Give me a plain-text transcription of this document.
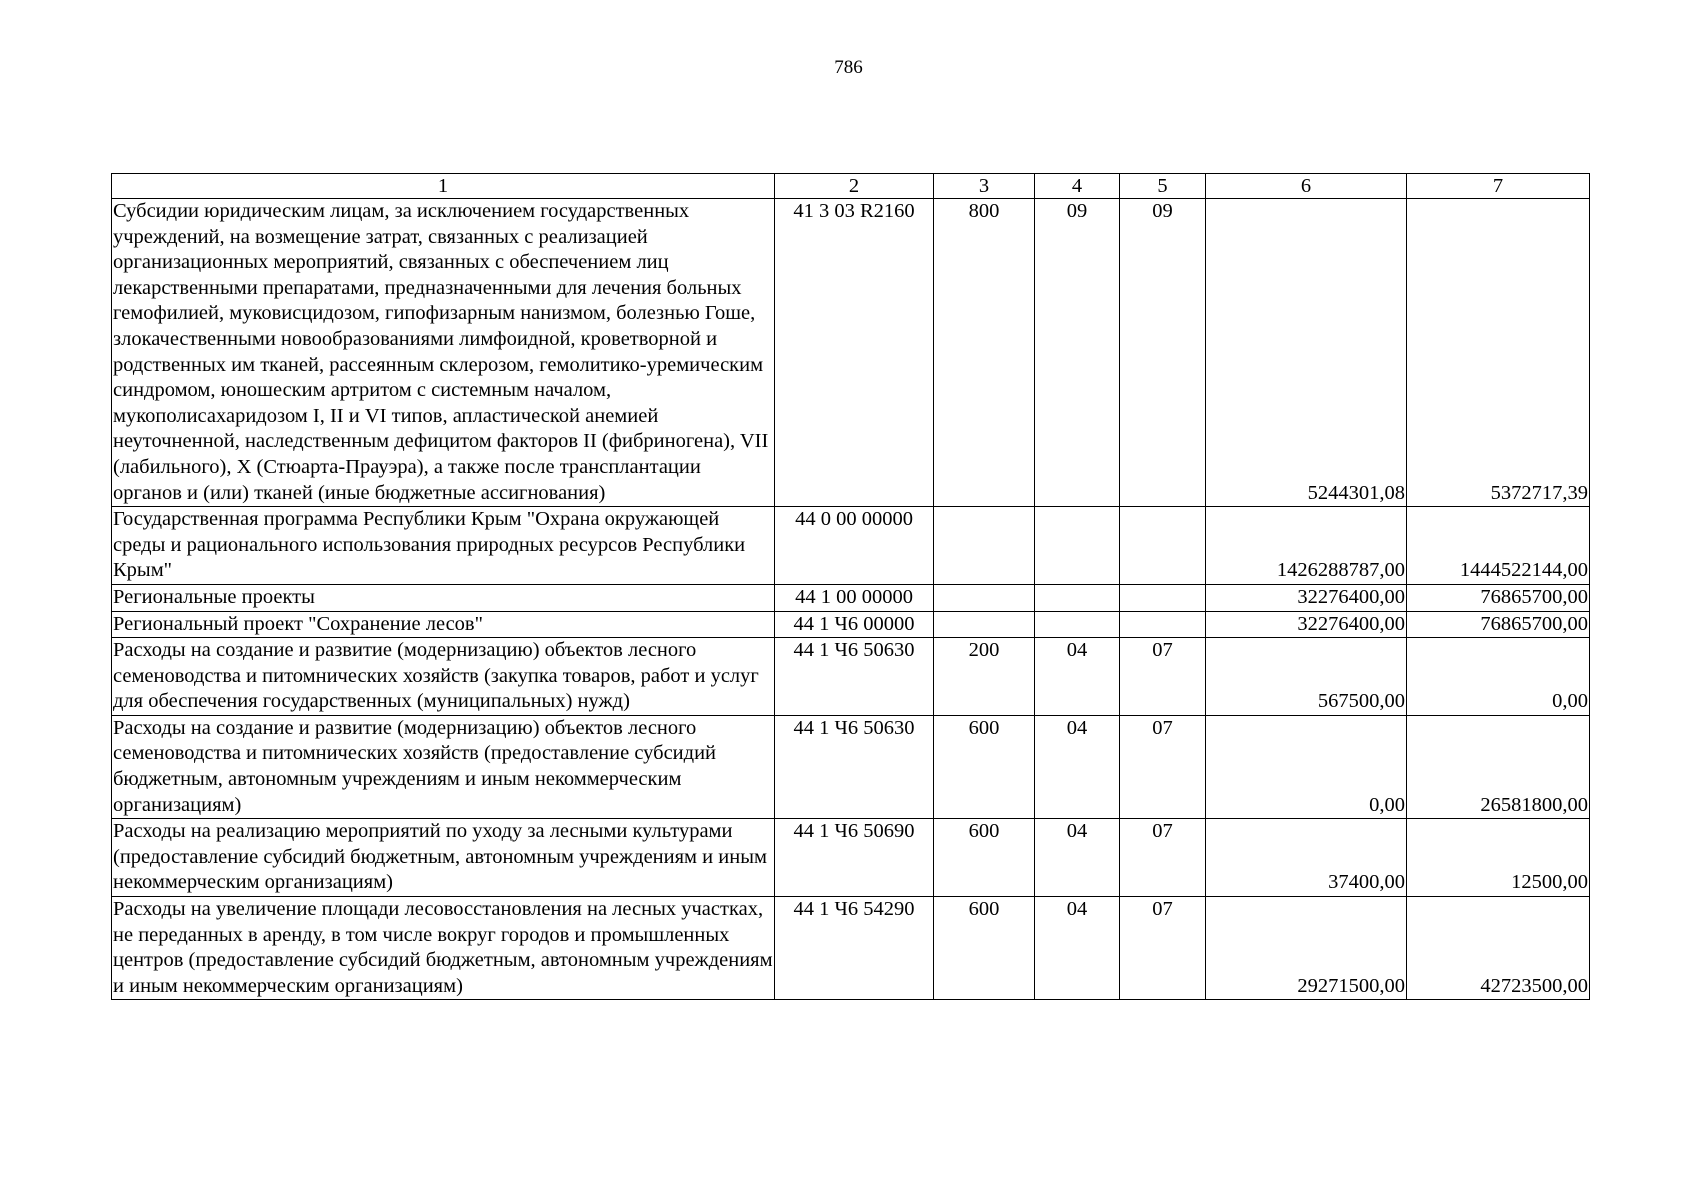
786
1	2	3	4	5	6	7
Субсидии юридическим лицам, за исключением государственных учреждений, на возмещение затрат, связанных с реализацией организационных мероприятий, связанных с обеспечением лиц лекарственными препаратами, предназначенными для лечения больных гемофилией, муковисцидозом, гипофизарным нанизмом, болезнью Гоше, злокачественными новообразованиями лимфоидной, кроветворной и родственных им тканей, рассеянным склерозом, гемолитико-уремическим синдромом, юношеским артритом с системным началом, мукополисахаридозом I, II и VI типов, апластической анемией неуточненной, наследственным дефицитом факторов II (фибриногена), VII (лабильного), X (Стюарта-Прауэра), а также после трансплантации органов и (или) тканей (иные бюджетные ассигнования)	41 3 03 R2160	800	09	09	5244301,08	5372717,39
Государственная программа Республики Крым "Охрана окружающей среды и рационального использования природных ресурсов Республики Крым"	44 0 00 00000				1426288787,00	1444522144,00
Региональные проекты	44 1 00 00000				32276400,00	76865700,00
Региональный проект "Сохранение лесов"	44 1 Ч6 00000				32276400,00	76865700,00
Расходы на создание и развитие (модернизацию) объектов лесного семеноводства и питомнических хозяйств (закупка товаров, работ и услуг для обеспечения государственных (муниципальных) нужд)	44 1 Ч6 50630	200	04	07	567500,00	0,00
Расходы на создание и развитие (модернизацию) объектов лесного семеноводства и питомнических хозяйств (предоставление субсидий бюджетным, автономным учреждениям и иным некоммерческим организациям)	44 1 Ч6 50630	600	04	07	0,00	26581800,00
Расходы на реализацию мероприятий по уходу за лесными культурами (предоставление субсидий бюджетным, автономным учреждениям и иным некоммерческим организациям)	44 1 Ч6 50690	600	04	07	37400,00	12500,00
Расходы на увеличение площади лесовосстановления на лесных участках, не переданных в аренду, в том числе вокруг городов и промышленных центров (предоставление субсидий бюджетным, автономным учреждениям и иным некоммерческим организациям)	44 1 Ч6 54290	600	04	07	29271500,00	42723500,00
